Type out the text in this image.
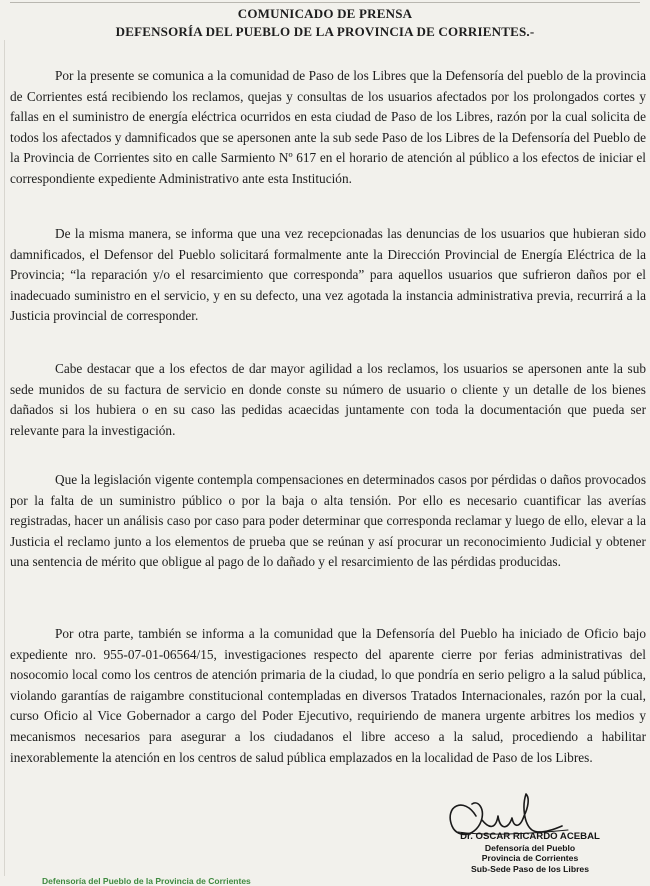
COMUNICADO DE PRENSA
DEFENSORÍA DEL PUEBLO DE LA PROVINCIA DE CORRIENTES.-

Por la presente se comunica a la comunidad de Paso de los Libres que la Defensoría del pueblo de la provincia de Corrientes está recibiendo los reclamos, quejas y consultas de los usuarios afectados por los prolongados cortes y fallas en el suministro de energía eléctrica ocurridos en esta ciudad de Paso de los Libres, razón por la cual solicita de todos los afectados y damnificados que se apersonen ante la sub sede Paso de los Libres de la Defensoría del Pueblo de la Provincia de Corrientes sito en calle Sarmiento Nº 617 en el horario de atención al público a los efectos de iniciar el correspondiente expediente Administrativo ante esta Institución.

De la misma manera, se informa que una vez recepcionadas las denuncias de los usuarios que hubieran sido damnificados, el Defensor del Pueblo solicitará formalmente ante la Dirección Provincial de Energía Eléctrica de la Provincia; “la reparación y/o el resarcimiento que corresponda” para aquellos usuarios que sufrieron daños por el inadecuado suministro en el servicio, y en su defecto, una vez agotada la instancia administrativa previa, recurrirá a la Justicia provincial de corresponder.

Cabe destacar que a los efectos de dar mayor agilidad a los reclamos, los usuarios se apersonen ante la sub sede munidos de su factura de servicio en donde conste su número de usuario o cliente y un detalle de los bienes dañados si los hubiera o en su caso las pedidas acaecidas juntamente con toda la documentación que pueda ser relevante para la investigación.

Que la legislación vigente contempla compensaciones en determinados casos por pérdidas o daños provocados por la falta de un suministro público o por la baja o alta tensión. Por ello es necesario cuantificar las averías registradas, hacer un análisis caso por caso para poder determinar que corresponda reclamar y luego de ello, elevar a la Justicia el reclamo junto a los elementos de prueba que se reúnan y así procurar un reconocimiento Judicial y obtener una sentencia de mérito que obligue al pago de lo dañado y el resarcimiento de las pérdidas producidas.

Por otra parte, también se informa a la comunidad que la Defensoría del Pueblo ha iniciado de Oficio bajo expediente nro. 955-07-01-06564/15, investigaciones respecto del aparente cierre por ferias administrativas del nosocomio local como los centros de atención primaria de la ciudad, lo que pondría en serio peligro a la salud pública, violando garantías de raigambre constitucional contempladas en diversos Tratados Internacionales, razón por la cual, curso Oficio al Vice Gobernador a cargo del Poder Ejecutivo, requiriendo de manera urgente arbitres los medios y mecanismos necesarios para asegurar a los ciudadanos el libre acceso a la salud, procediendo a habilitar inexorablemente la atención en los centros de salud pública emplazados en la localidad de Paso de los Libres.

Dr. OSCAR RICARDO ACEBAL
Defensoría del Pueblo
Provincia de Corrientes
Sub-Sede Paso de los Libres
Defensoría del Pueblo de la Provincia de Corrientes
